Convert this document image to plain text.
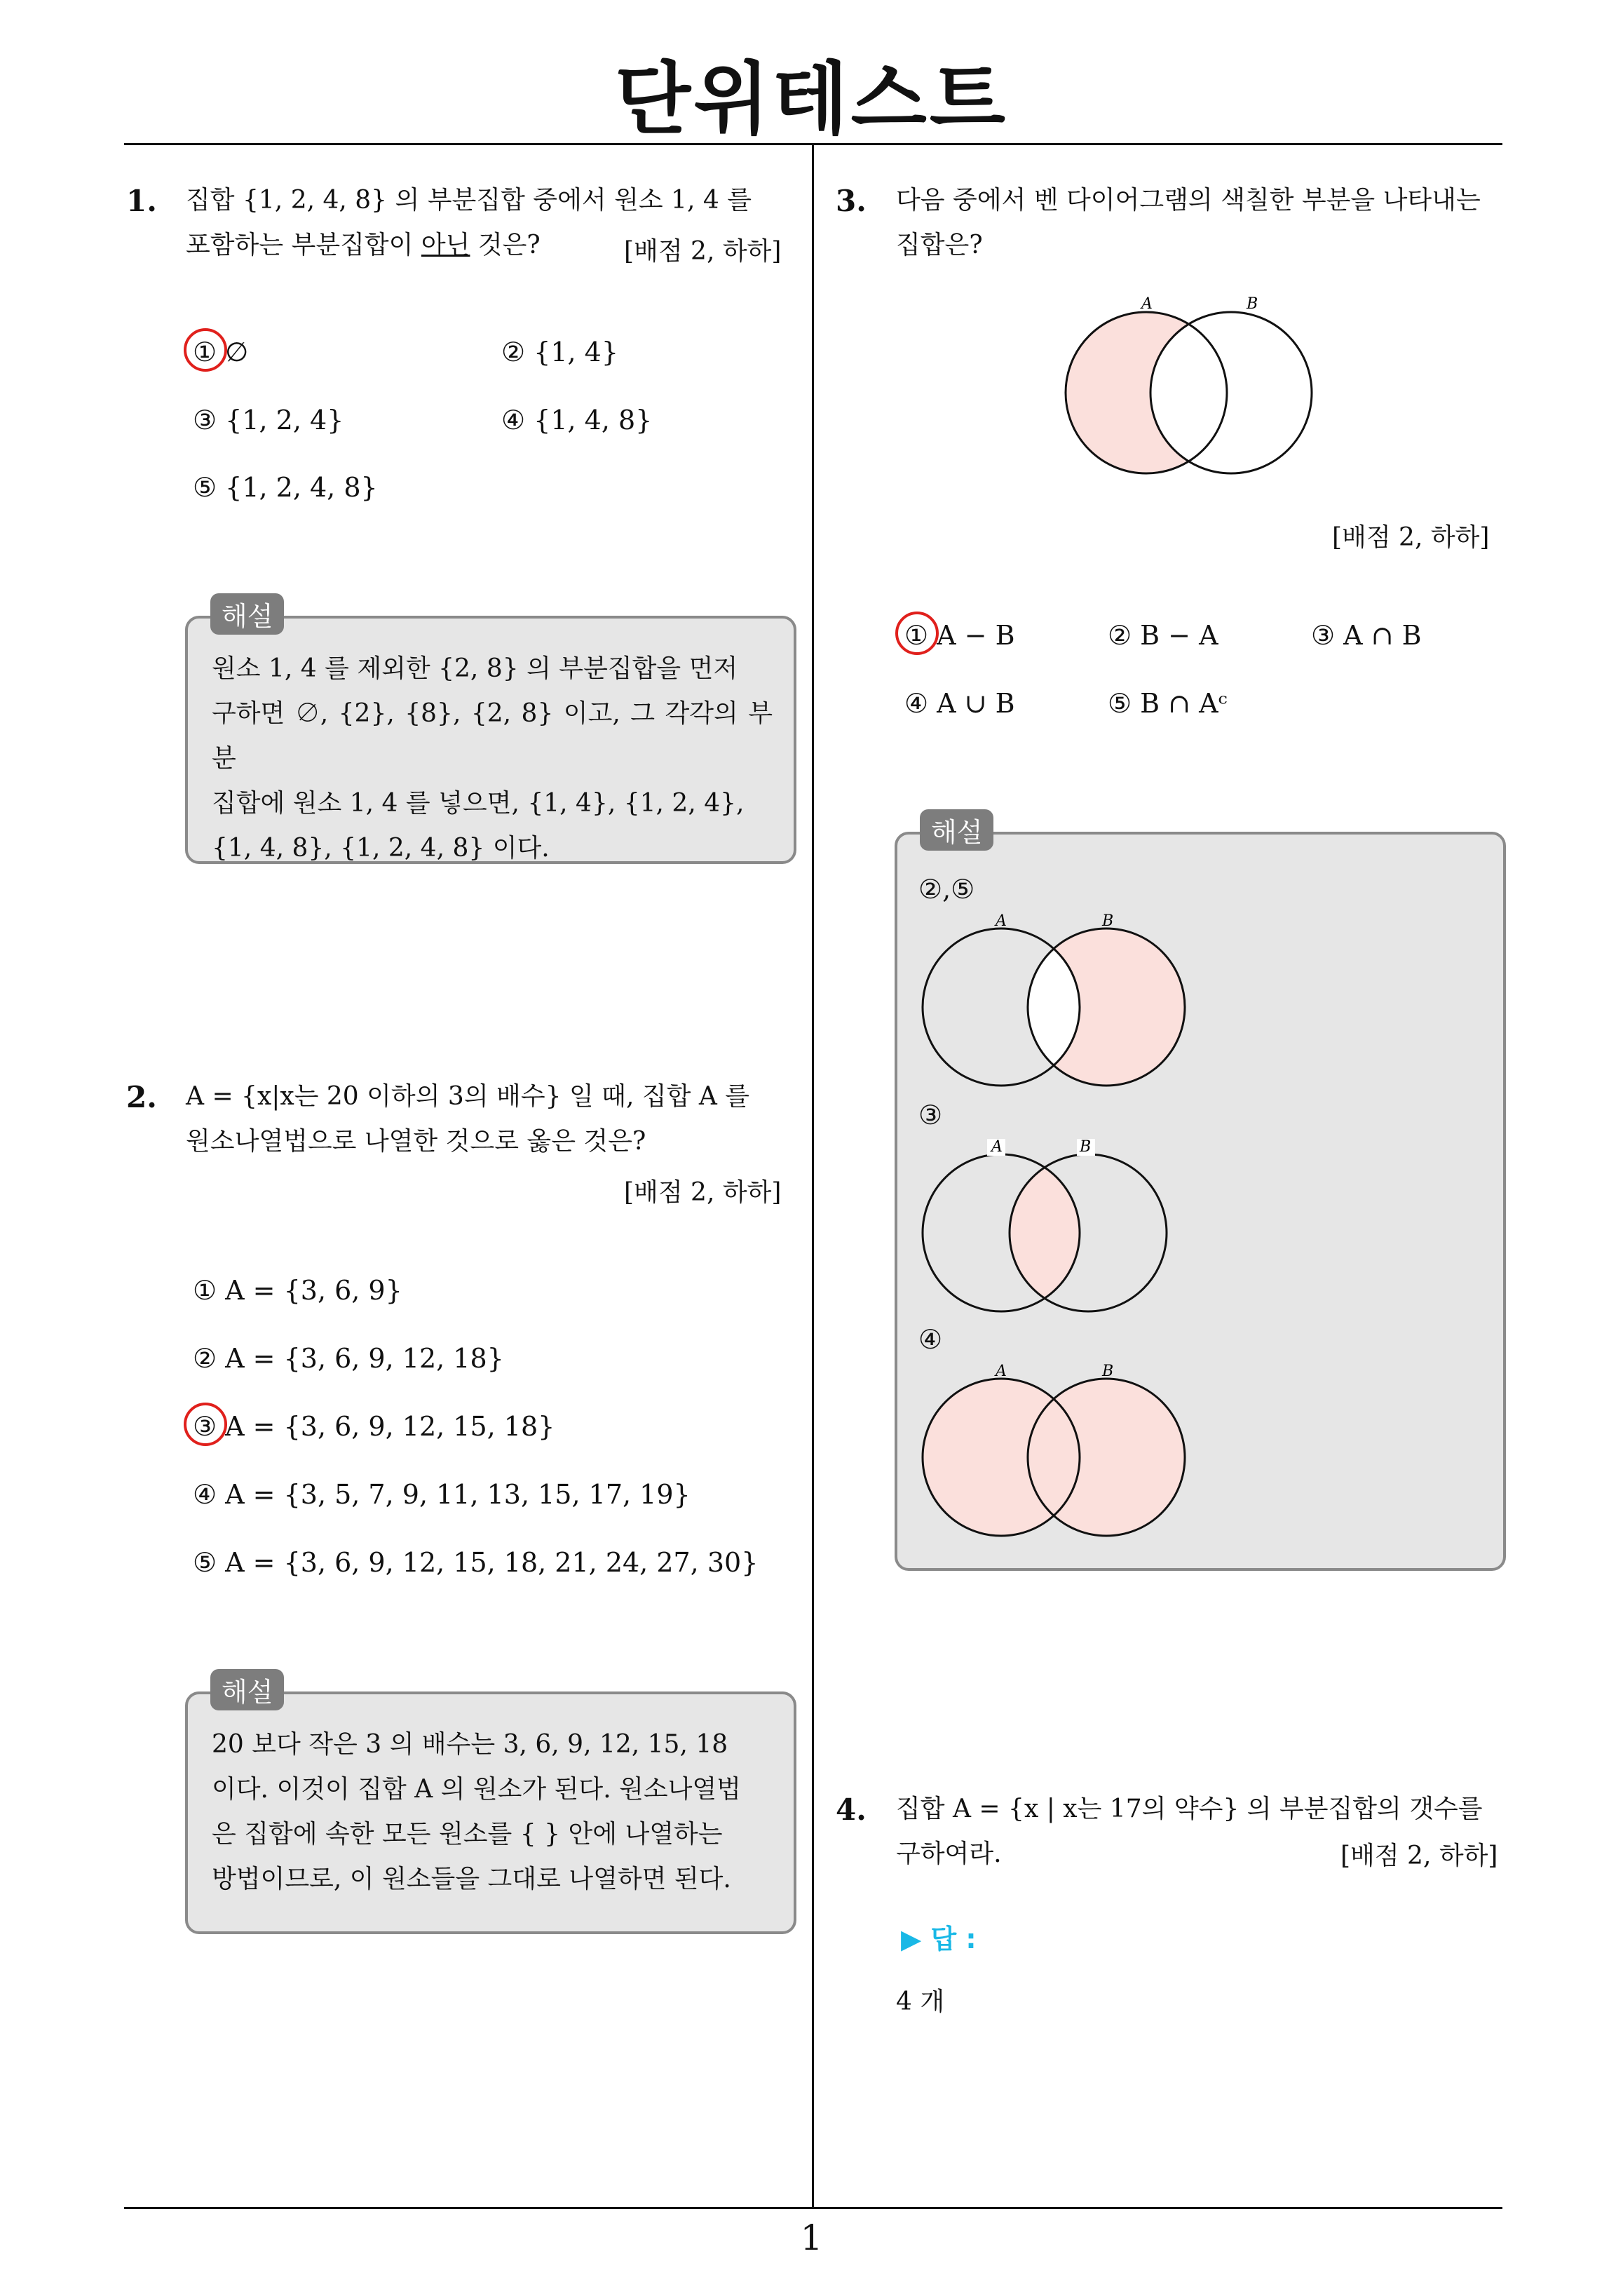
단위테스트
1. 집합 {1, 2, 4, 8} 의 부분집합 중에서 원소 1, 4 를
포함하는 부분집합이 아닌 것은?	[배점 2, 하하]
① ∅	② {1, 4}
③ {1, 2, 4}	④ {1, 4, 8}
⑤ {1, 2, 4, 8}
원소 1, 4 를 제외한 {2, 8} 의 부분집합을 먼저
구하면 ∅, {2}, {8}, {2, 8} 이고, 그 각각의 부분
집합에 원소 1, 4 를 넣으면, {1, 4}, {1, 2, 4},
{1, 4, 8}, {1, 2, 4, 8} 이다.
해설
2. A = {x|x는 20 이하의 3의 배수} 일 때, 집합 A 를
원소나열법으로 나열한 것으로 옳은 것은?
[배점 2, 하하]
① A = {3, 6, 9}
② A = {3, 6, 9, 12, 18}
③ A = {3, 6, 9, 12, 15, 18}
④ A = {3, 5, 7, 9, 11, 13, 15, 17, 19}
⑤ A = {3, 6, 9, 12, 15, 18, 21, 24, 27, 30}
20 보다 작은 3 의 배수는 3, 6, 9, 12, 15, 18
이다. 이것이 집합 A 의 원소가 된다. 원소나열법
은 집합에 속한 모든 원소를 { } 안에 나열하는
방법이므로, 이 원소들을 그대로 나열하면 된다.
해설
3. 다음 중에서 벤 다이어그램의 색칠한 부분을 나타내는
집합은?
A	B
[배점 2, 하하]
① A − B	② B − A	③ A ∩ B
④ A ∪ B	⑤ B ∩ Aᶜ
②,⑤
A	B
③
A	B
④
A	B
해설
4. 집합 A = {x | x는 17의 약수} 의 부분집합의 갯수를
구하여라.	[배점 2, 하하]
▶ 답 :
4 개
1
